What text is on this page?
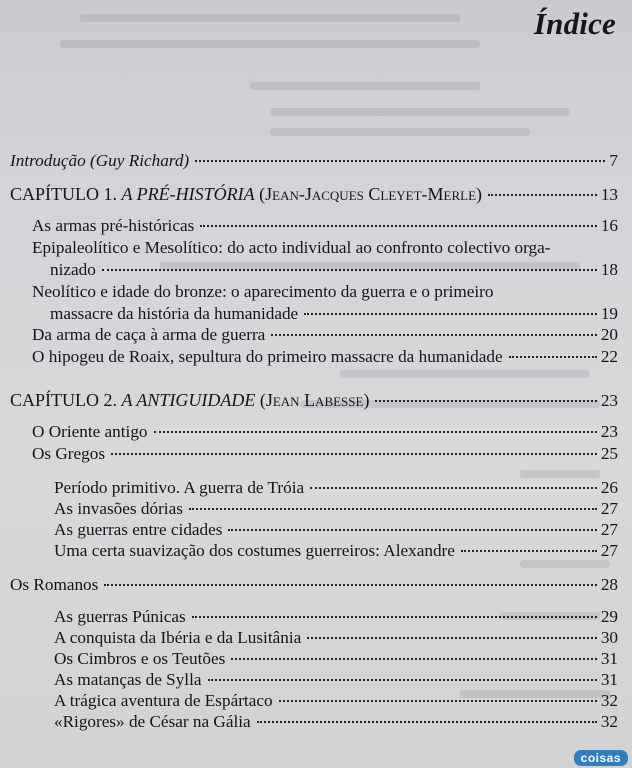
Índice
Introdução (Guy Richard)	7
CAPÍTULO 1. A PRÉ-HISTÓRIA (Jean-Jacques Cleyet-Merle)	13
As armas pré-históricas	16
Epipaleolítico e Mesolítico: do acto individual ao confronto colectivo orga-
nizado	18
Neolítico e idade do bronze: o aparecimento da guerra e o primeiro
massacre da história da humanidade	19
Da arma de caça à arma de guerra	20
O hipogeu de Roaix, sepultura do primeiro massacre da humanidade	22
CAPÍTULO 2. A ANTIGUIDADE (Jean Labesse)	23
O Oriente antigo	23
Os Gregos	25
Período primitivo. A guerra de Tróia	26
As invasões dórias	27
As guerras entre cidades	27
Uma certa suavização dos costumes guerreiros: Alexandre	27
Os Romanos	28
As guerras Púnicas	29
A conquista da Ibéria e da Lusitânia	30
Os Cimbros e os Teutões	31
As matanças de Sylla	31
A trágica aventura de Espártaco	32
«Rigores» de César na Gália	32
coisas
